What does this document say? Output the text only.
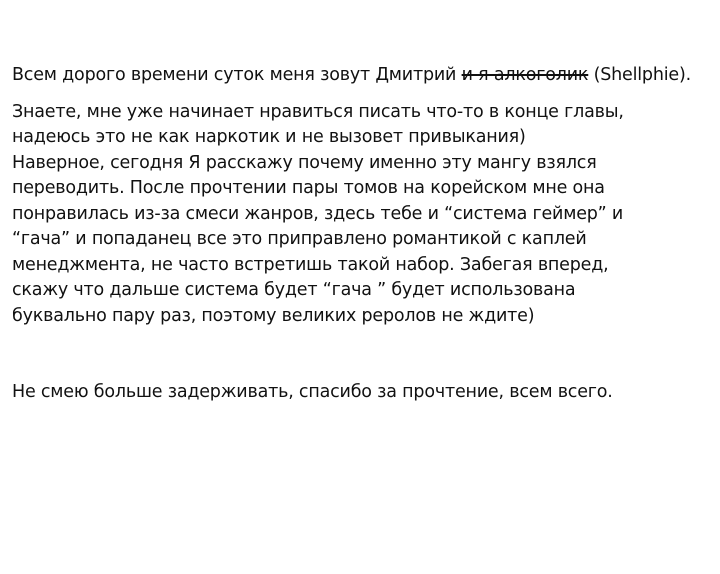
Всем дорого времени суток меня зовут Дмитрий и я алкоголик (Shellphie).
Знаете, мне уже начинает нравиться писать что-то в конце главы,
надеюсь это не как наркотик и не вызовет привыкания)
Наверное, сегодня Я расскажу почему именно эту мангу взялся
переводить. После прочтении пары томов на корейском мне она
понравилась из-за смеси жанров, здесь тебе и “система геймер” и
“гача” и попаданец все это приправлено романтикой с каплей
менеджмента, не часто встретишь такой набор. Забегая вперед,
скажу что дальше система будет “гача ” будет использована
буквально пару раз, поэтому великих реролов не ждите)
Не смею больше задерживать, спасибо за прочтение, всем всего.
